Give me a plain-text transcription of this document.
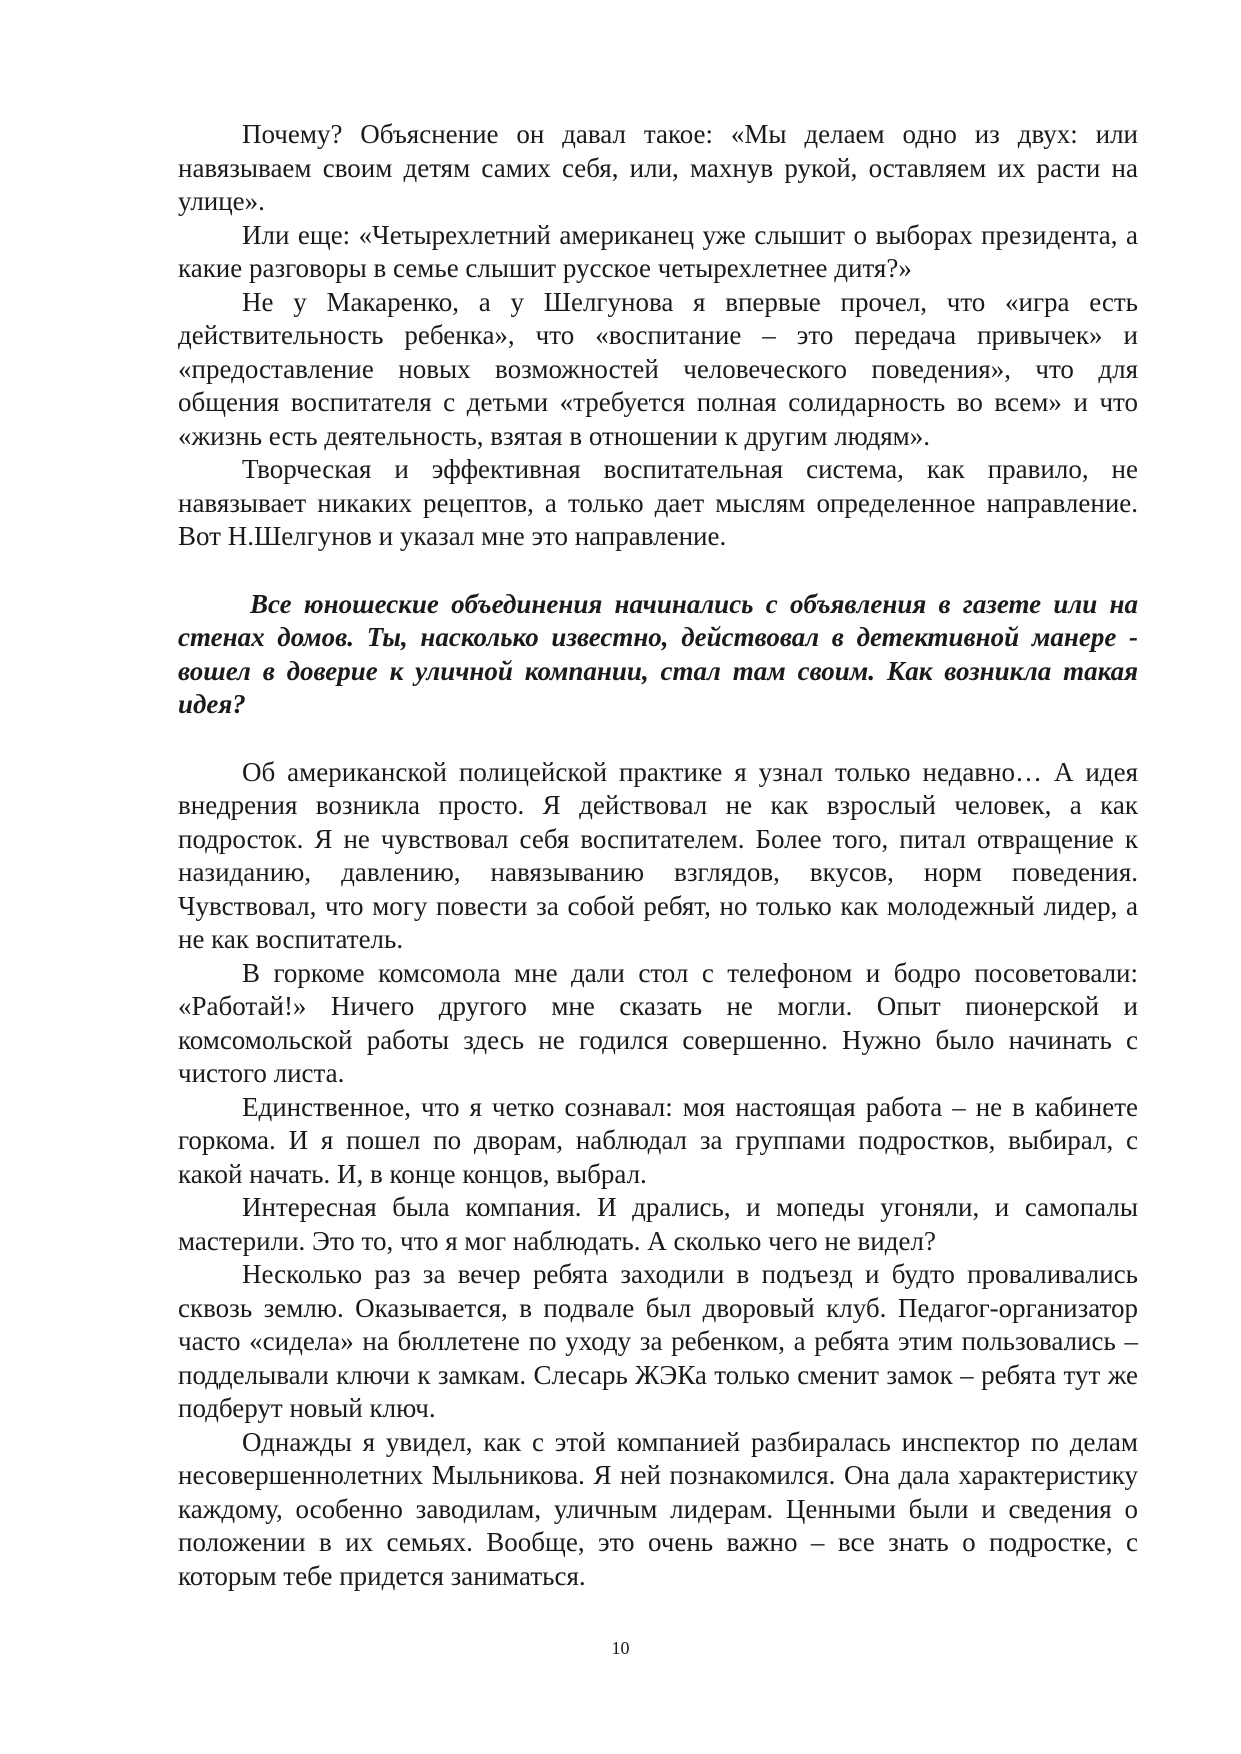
Почему? Объяснение он давал такое: «Мы делаем одно из двух: или навязываем своим детям самих себя, или, махнув рукой, оставляем их расти на улице».

Или еще: «Четырехлетний американец уже слышит о выборах президента, а какие разговоры в семье слышит русское четырехлетнее дитя?»

Не у Макаренко, а у Шелгунова я впервые прочел, что «игра есть действительность ребенка», что «воспитание – это передача привычек» и «предоставление новых возможностей человеческого поведения», что для общения воспитателя с детьми «требуется полная солидарность во всем» и что «жизнь есть деятельность, взятая в отношении к другим людям».

Творческая и эффективная воспитательная система, как правило, не навязывает никаких рецептов, а только дает мыслям определенное направление. Вот Н.Шелгунов и указал мне это направление.

Все юношеские объединения начинались с объявления в газете или на стенах домов. Ты, насколько известно, действовал в детективной манере - вошел в доверие к уличной компании, стал там своим. Как возникла такая идея?

Об американской полицейской практике я узнал только недавно… А идея внедрения возникла просто. Я действовал не как взрослый человек, а как подросток. Я не чувствовал себя воспитателем. Более того, питал отвращение к назиданию, давлению, навязыванию взглядов, вкусов, норм поведения. Чувствовал, что могу повести за собой ребят, но только как молодежный лидер, а не как воспитатель.

В горкоме комсомола мне дали стол с телефоном и бодро посоветовали: «Работай!» Ничего другого мне сказать не могли. Опыт пионерской и комсомольской работы здесь не годился совершенно. Нужно было начинать с чистого листа.

Единственное, что я четко сознавал: моя настоящая работа – не в кабинете горкома. И я пошел по дворам, наблюдал за группами подростков, выбирал, с какой начать. И, в конце концов, выбрал.

Интересная была компания. И дрались, и мопеды угоняли, и самопалы мастерили. Это то, что я мог наблюдать. А сколько чего не видел?

Несколько раз за вечер ребята заходили в подъезд и будто проваливались сквозь землю. Оказывается, в подвале был дворовый клуб. Педагог-организатор часто «сидела» на бюллетене по уходу за ребенком, а ребята этим пользовались – подделывали ключи к замкам. Слесарь ЖЭКа только сменит замок – ребята тут же подберут новый ключ.

Однажды я увидел, как с этой компанией разбиралась инспектор по делам несовершеннолетних Мыльникова. Я ней познакомился. Она дала характеристику каждому, особенно заводилам, уличным лидерам. Ценными были и сведения о положении в их семьях. Вообще, это очень важно – все знать о подростке, с которым тебе придется заниматься.

10
